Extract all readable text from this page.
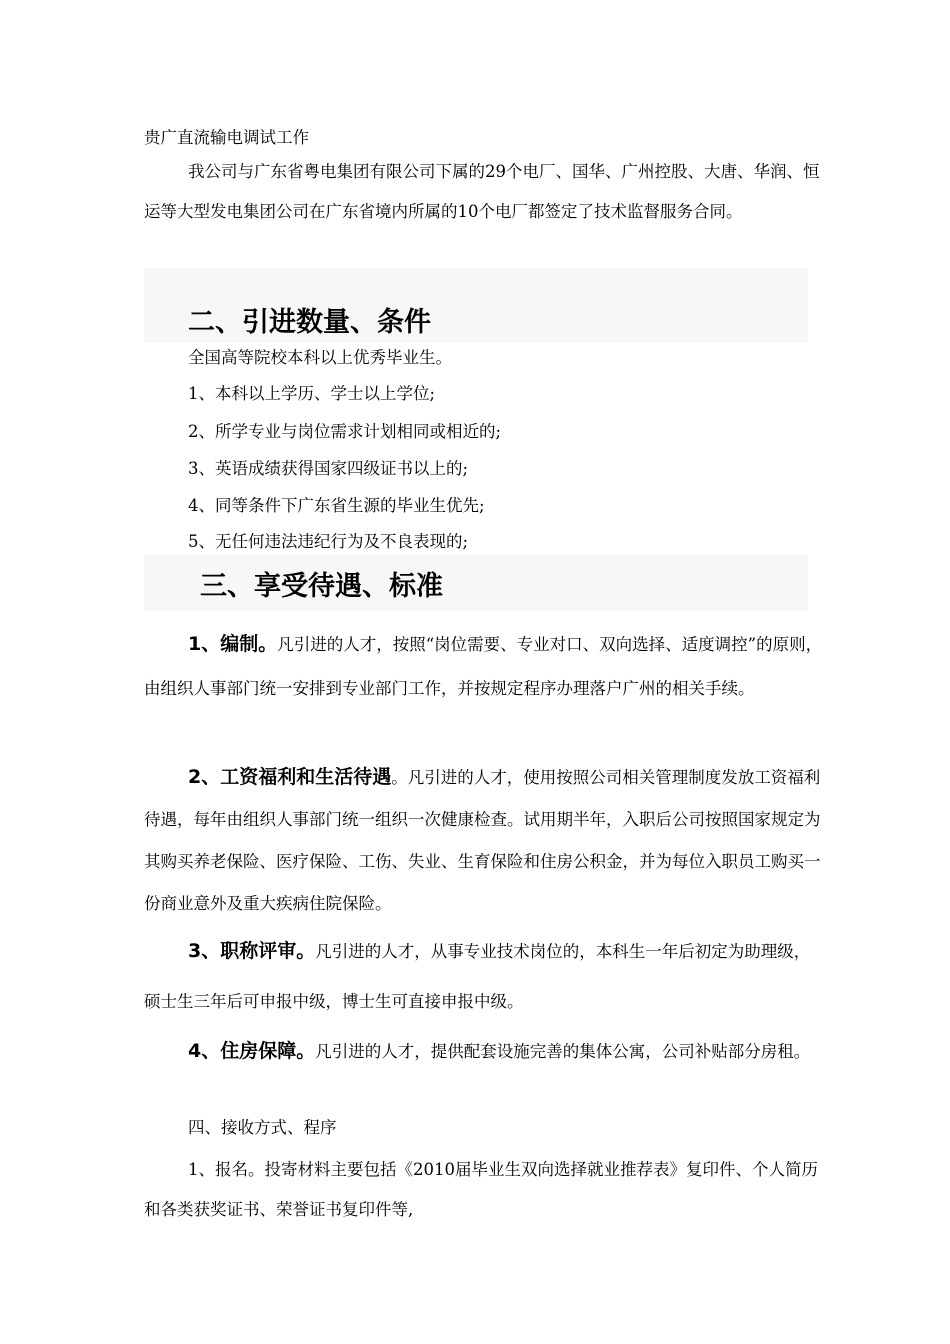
贵广直流输电调试工作
我公司与广东省粤电集团有限公司下属的29个电厂、国华、广州控股、大唐、华润、恒运等大型发电集团公司在广东省境内所属的10个电厂都签定了技术监督服务合同。
二、引进数量、条件
全国高等院校本科以上优秀毕业生。
1、本科以上学历、学士以上学位;
2、所学专业与岗位需求计划相同或相近的;
3、英语成绩获得国家四级证书以上的;
4、同等条件下广东省生源的毕业生优先;
5、无任何违法违纪行为及不良表现的;
三、享受待遇、标准
1、编制。凡引进的人才，按照“岗位需要、专业对口、双向选择、适度调控”的原则，由组织人事部门统一安排到专业部门工作，并按规定程序办理落户广州的相关手续。
2、工资福利和生活待遇。凡引进的人才，使用按照公司相关管理制度发放工资福利待遇，每年由组织人事部门统一组织一次健康检查。试用期半年，入职后公司按照国家规定为其购买养老保险、医疗保险、工伤、失业、生育保险和住房公积金，并为每位入职员工购买一份商业意外及重大疾病住院保险。
3、职称评审。凡引进的人才，从事专业技术岗位的，本科生一年后初定为助理级，硕士生三年后可申报中级，博士生可直接申报中级。
4、住房保障。凡引进的人才，提供配套设施完善的集体公寓，公司补贴部分房租。
四、接收方式、程序
1、报名。投寄材料主要包括《2010届毕业生双向选择就业推荐表》复印件、个人简历和各类获奖证书、荣誉证书复印件等,
